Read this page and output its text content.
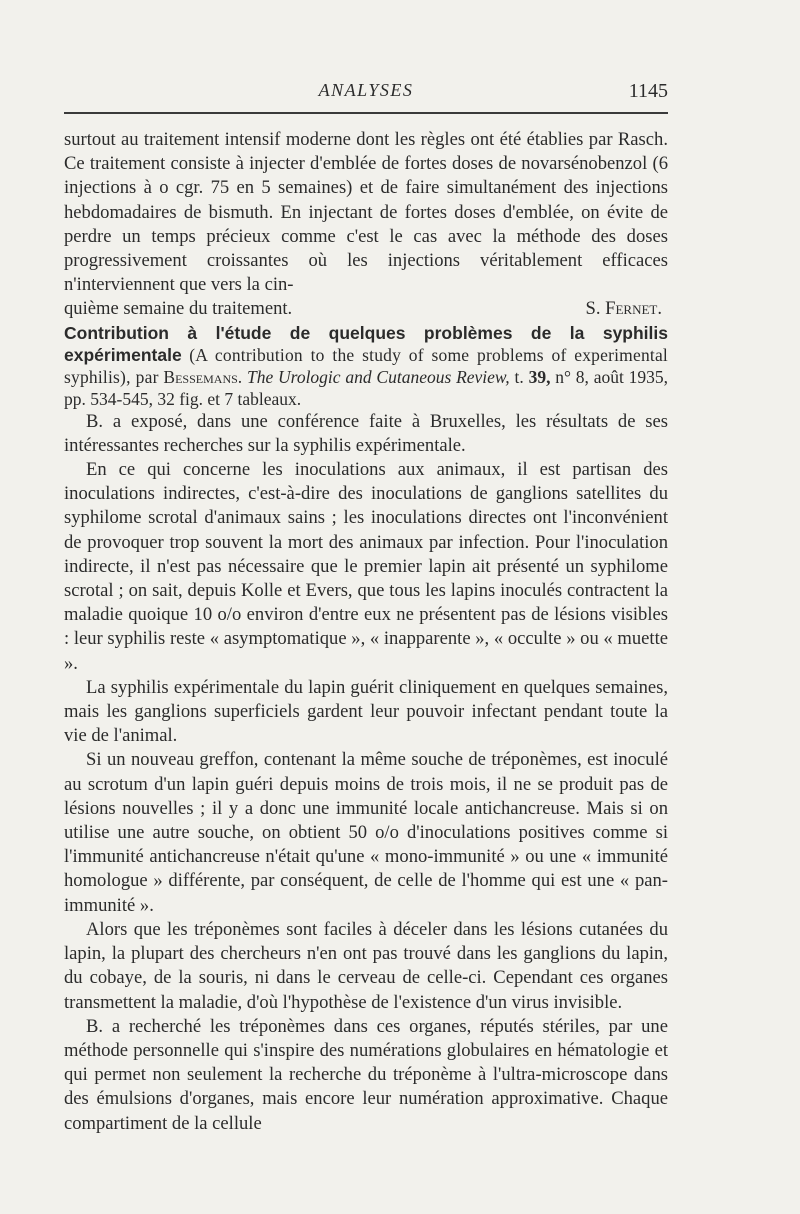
ANALYSES	1145

surtout au traitement intensif moderne dont les règles ont été établies par Rasch. Ce traitement consiste à injecter d'emblée de fortes doses de novarsénobenzol (6 injections à o cgr. 75 en 5 semaines) et de faire simultanément des injections hebdomadaires de bismuth. En injectant de fortes doses d'emblée, on évite de perdre un temps précieux comme c'est le cas avec la méthode des doses progressivement croissantes où les injections véritablement efficaces n'interviennent que vers la cin-

quième semaine du traitement.	S. Fernet.

Contribution à l'étude de quelques problèmes de la syphilis expérimentale (A contribution to the study of some problems of experimental syphilis), par Bessemans. The Urologic and Cutaneous Review, t. 39, n° 8, août 1935, pp. 534-545, 32 fig. et 7 tableaux.

B. a exposé, dans une conférence faite à Bruxelles, les résultats de ses intéressantes recherches sur la syphilis expérimentale.

En ce qui concerne les inoculations aux animaux, il est partisan des inoculations indirectes, c'est-à-dire des inoculations de ganglions satellites du syphilome scrotal d'animaux sains ; les inoculations directes ont l'inconvénient de provoquer trop souvent la mort des animaux par infection. Pour l'inoculation indirecte, il n'est pas nécessaire que le premier lapin ait présenté un syphilome scrotal ; on sait, depuis Kolle et Evers, que tous les lapins inoculés contractent la maladie quoique 10 o/o environ d'entre eux ne présentent pas de lésions visibles : leur syphilis reste « asymptomatique », « inapparente », « occulte » ou « muette ».

La syphilis expérimentale du lapin guérit cliniquement en quelques semaines, mais les ganglions superficiels gardent leur pouvoir infectant pendant toute la vie de l'animal.

Si un nouveau greffon, contenant la même souche de tréponèmes, est inoculé au scrotum d'un lapin guéri depuis moins de trois mois, il ne se produit pas de lésions nouvelles ; il y a donc une immunité locale antichancreuse. Mais si on utilise une autre souche, on obtient 50 o/o d'inoculations positives comme si l'immunité antichancreuse n'était qu'une « mono-immunité » ou une « immunité homologue » différente, par conséquent, de celle de l'homme qui est une « pan-immunité ».

Alors que les tréponèmes sont faciles à déceler dans les lésions cutanées du lapin, la plupart des chercheurs n'en ont pas trouvé dans les ganglions du lapin, du cobaye, de la souris, ni dans le cerveau de celle-ci. Cependant ces organes transmettent la maladie, d'où l'hypothèse de l'existence d'un virus invisible.

B. a recherché les tréponèmes dans ces organes, réputés stériles, par une méthode personnelle qui s'inspire des numérations globulaires en hématologie et qui permet non seulement la recherche du tréponème à l'ultra-microscope dans des émulsions d'organes, mais encore leur numération approximative. Chaque compartiment de la cellule
